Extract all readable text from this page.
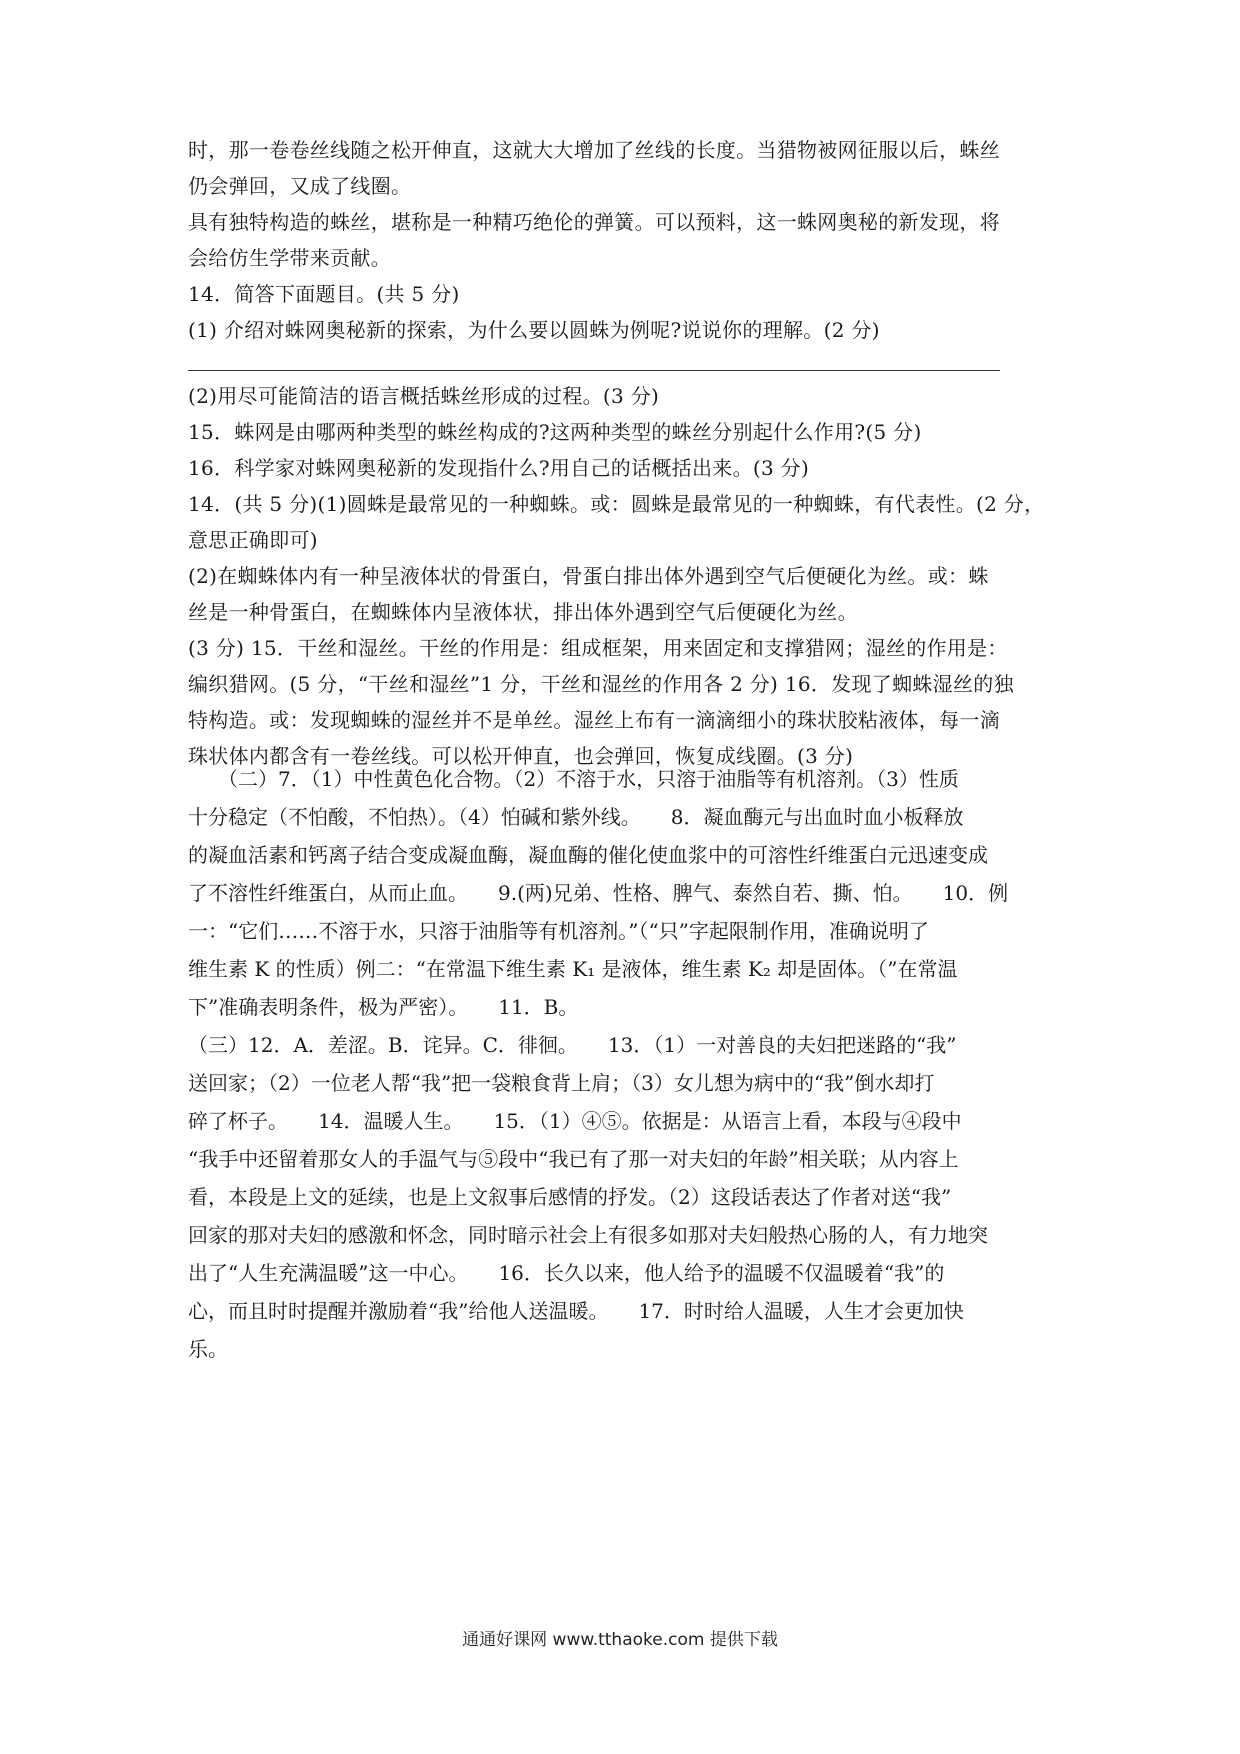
时，那一卷卷丝线随之松开伸直，这就大大增加了丝线的长度。当猎物被网征服以后，蛛丝
仍会弹回，又成了线圈。
具有独特构造的蛛丝，堪称是一种精巧绝伦的弹簧。可以预料，这一蛛网奥秘的新发现，将
会给仿生学带来贡献。
14．简答下面题目。(共 5 分)
(1) 介绍对蛛网奥秘新的探索，为什么要以圆蛛为例呢?说说你的理解。(2 分)
(2)用尽可能简洁的语言概括蛛丝形成的过程。(3 分)
15．蛛网是由哪两种类型的蛛丝构成的?这两种类型的蛛丝分别起什么作用?(5 分)
16．科学家对蛛网奥秘新的发现指什么?用自己的话概括出来。(3 分)
14．(共 5 分)(1)圆蛛是最常见的一种蜘蛛。或：圆蛛是最常见的一种蜘蛛，有代表性。(2 分，
意思正确即可)
(2)在蜘蛛体内有一种呈液体状的骨蛋白，骨蛋白排出体外遇到空气后便硬化为丝。或：蛛
丝是一种骨蛋白，在蜘蛛体内呈液体状，排出体外遇到空气后便硬化为丝。
(3 分) 15．干丝和湿丝。干丝的作用是：组成框架，用来固定和支撑猎网；湿丝的作用是：
编织猎网。(5 分，“干丝和湿丝”1 分，干丝和湿丝的作用各 2 分) 16．发现了蜘蛛湿丝的独
特构造。或：发现蜘蛛的湿丝并不是单丝。湿丝上布有一滴滴细小的珠状胶粘液体，每一滴
珠状体内都含有一卷丝线。可以松开伸直，也会弹回，恢复成线圈。(3 分)
　　（二）7．（1）中性黄色化合物。（2）不溶于水，只溶于油脂等有机溶剂。（3）性质
十分稳定（不怕酸，不怕热）。（4）怕碱和紫外线。　　8．凝血酶元与出血时血小板释放
的凝血活素和钙离子结合变成凝血酶，凝血酶的催化使血浆中的可溶性纤维蛋白元迅速变成
了不溶性纤维蛋白，从而止血。　　9.(两)兄弟、性格、脾气、泰然自若、撕、怕。　　10．例
一：“它们……不溶于水，只溶于油脂等有机溶剂。”（“只”字起限制作用，准确说明了
维生素 K 的性质）例二：“在常温下维生素 K₁ 是液体，维生素 K₂ 却是固体。（”在常温
下”准确表明条件，极为严密）。　　11．B。
（三）12．A．差涩。B．诧异。C．徘徊。　　13．（1）一对善良的夫妇把迷路的“我”
送回家；（2）一位老人帮“我”把一袋粮食背上肩；（3）女儿想为病中的“我”倒水却打
碎了杯子。　　14．温暖人生。　　15．（1）④⑤。依据是：从语言上看，本段与④段中
“我手中还留着那女人的手温气与⑤段中“我已有了那一对夫妇的年龄”相关联；从内容上
看，本段是上文的延续，也是上文叙事后感情的抒发。（2）这段话表达了作者对送“我”
回家的那对夫妇的感激和怀念，同时暗示社会上有很多如那对夫妇般热心肠的人，有力地突
出了“人生充满温暖”这一中心。　　16．长久以来，他人给予的温暖不仅温暖着“我”的
心，而且时时提醒并激励着“我”给他人送温暖。　　17．时时给人温暖，人生才会更加快
乐。
通通好课网 www.tthaoke.com 提供下载
